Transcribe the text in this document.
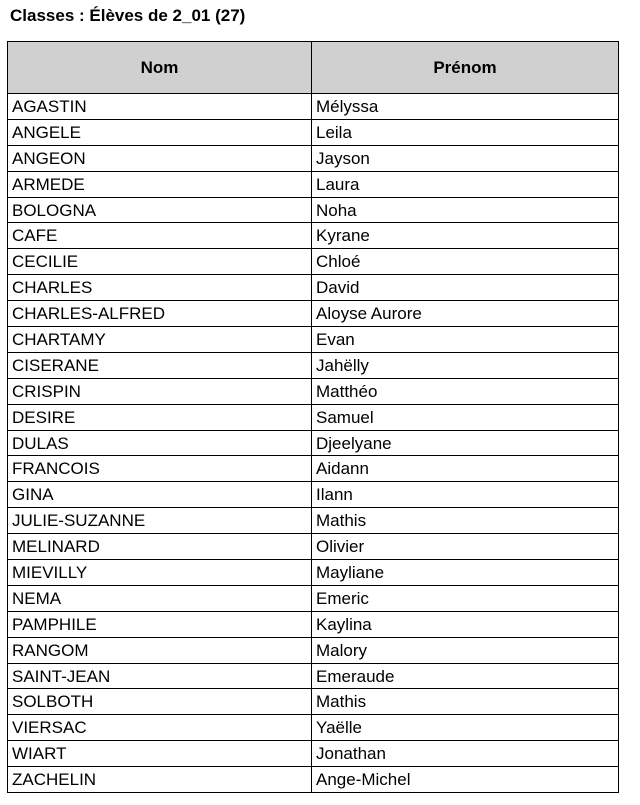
Classes : Élèves de 2_01 (27)
Nom	Prénom
AGASTIN	Mélyssa
ANGELE	Leila
ANGEON	Jayson
ARMEDE	Laura
BOLOGNA	Noha
CAFE	Kyrane
CECILIE	Chloé
CHARLES	David
CHARLES-ALFRED	Aloyse Aurore
CHARTAMY	Evan
CISERANE	Jahëlly
CRISPIN	Matthéo
DESIRE	Samuel
DULAS	Djeelyane
FRANCOIS	Aidann
GINA	Ilann
JULIE-SUZANNE	Mathis
MELINARD	Olivier
MIEVILLY	Mayliane
NEMA	Emeric
PAMPHILE	Kaylina
RANGOM	Malory
SAINT-JEAN	Emeraude
SOLBOTH	Mathis
VIERSAC	Yaëlle
WIART	Jonathan
ZACHELIN	Ange-Michel
